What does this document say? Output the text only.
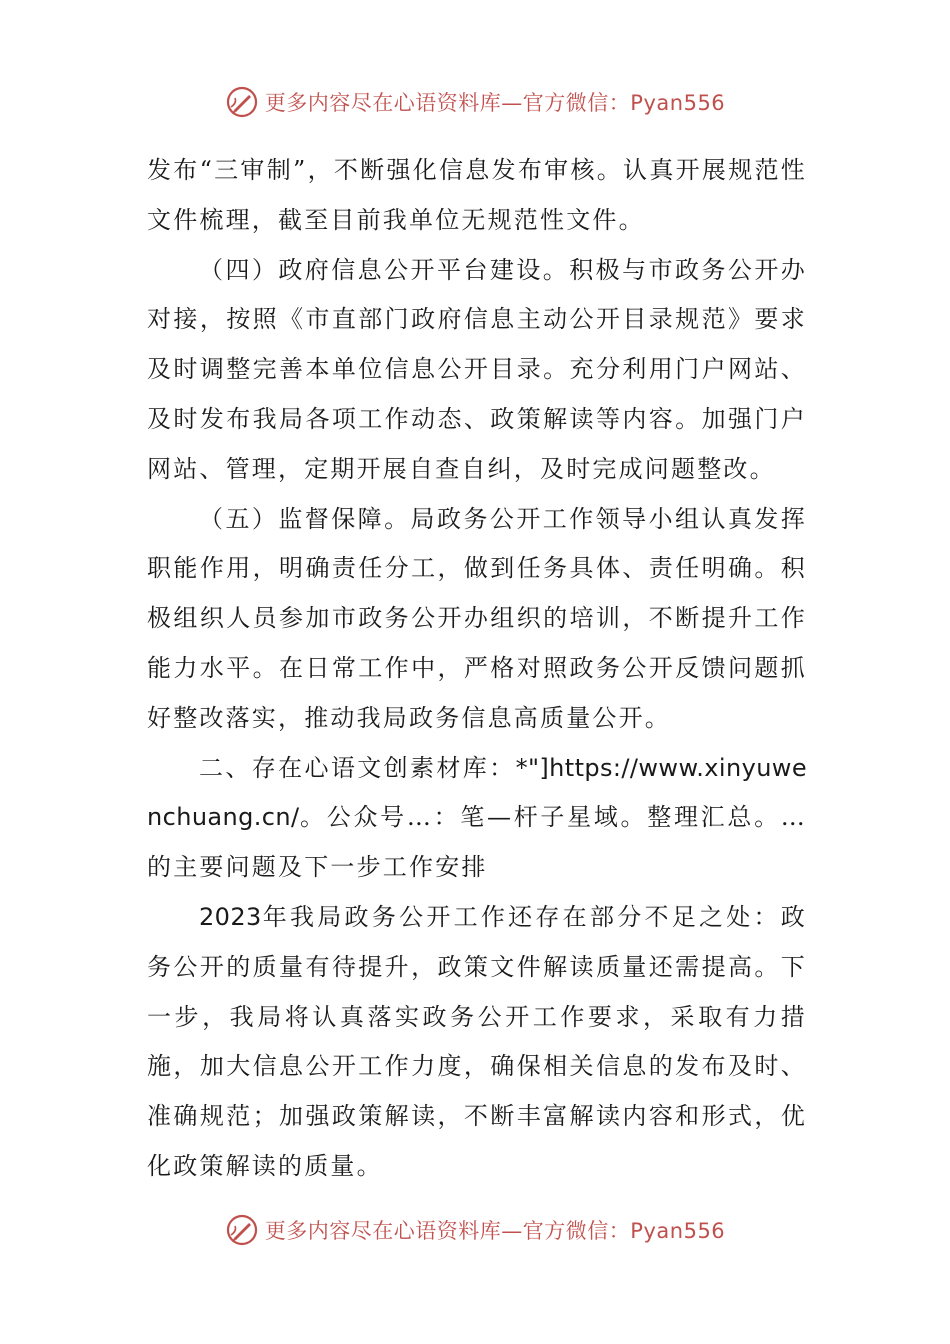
更多内容尽在心语资料库—官方微信：Pyan556

发布“三审制”，不断强化信息发布审核。认真开展规范性文件梳理，截至目前我单位无规范性文件。

（四）政府信息公开平台建设。积极与市政务公开办对接，按照《市直部门政府信息主动公开目录规范》要求及时调整完善本单位信息公开目录。充分利用门户网站、及时发布我局各项工作动态、政策解读等内容。加强门户网站、管理，定期开展自查自纠，及时完成问题整改。

（五）监督保障。局政务公开工作领导小组认真发挥职能作用，明确责任分工，做到任务具体、责任明确。积极组织人员参加市政务公开办组织的培训，不断提升工作能力水平。在日常工作中，严格对照政务公开反馈问题抓好整改落实，推动我局政务信息高质量公开。

二、存在心语文创素材库：*"]https://www.xinyuwenchuang.cn/。公众号…：笔—杆子星域。整理汇总。…的主要问题及下一步工作安排

2023年我局政务公开工作还存在部分不足之处：政务公开的质量有待提升，政策文件解读质量还需提高。下一步，我局将认真落实政务公开工作要求，采取有力措施，加大信息公开工作力度，确保相关信息的发布及时、准确规范；加强政策解读，不断丰富解读内容和形式，优化政策解读的质量。

更多内容尽在心语资料库—官方微信：Pyan556
